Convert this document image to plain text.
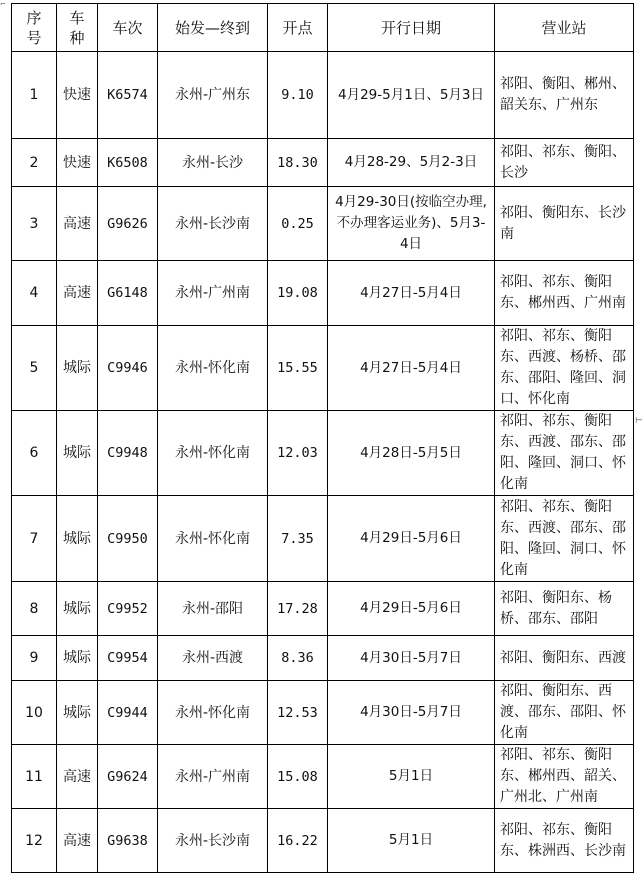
⌐
⊢
序号	车种	车次	始发—终到	开点	开行日期	营业站
1	快速	K6574	永州-广州东	9.10	4月29-5月1日、5月3日	祁阳、衡阳、郴州、韶关东、广州东
2	快速	K6508	永州-长沙	18.30	4月28-29、5月2-3日	祁阳、祁东、衡阳、长沙
3	高速	G9626	永州-长沙南	0.25	4月29-30日(按临空办理,不办理客运业务)、5月3-4日	祁阳、衡阳东、长沙南
4	高速	G6148	永州-广州南	19.08	4月27日-5月4日	祁阳、祁东、衡阳东、郴州西、广州南
5	城际	C9946	永州-怀化南	15.55	4月27日-5月4日	祁阳、祁东、衡阳东、西渡、杨桥、邵东、邵阳、隆回、洞口、怀化南
6	城际	C9948	永州-怀化南	12.03	4月28日-5月5日	祁阳、祁东、衡阳东、西渡、邵东、邵阳、隆回、洞口、怀化南
7	城际	C9950	永州-怀化南	7.35	4月29日-5月6日	祁阳、祁东、衡阳东、西渡、邵东、邵阳、隆回、洞口、怀化南
8	城际	C9952	永州-邵阳	17.28	4月29日-5月6日	祁阳、衡阳东、杨桥、邵东、邵阳
9	城际	C9954	永州-西渡	8.36	4月30日-5月7日	祁阳、衡阳东、西渡
10	城际	C9944	永州-怀化南	12.53	4月30日-5月7日	祁阳、衡阳东、西渡、邵东、邵阳、怀化南
11	高速	G9624	永州-广州南	15.08	5月1日	祁阳、祁东、衡阳东、郴州西、韶关、广州北、广州南
12	高速	G9638	永州-长沙南	16.22	5月1日	祁阳、祁东、衡阳东、株洲西、长沙南
